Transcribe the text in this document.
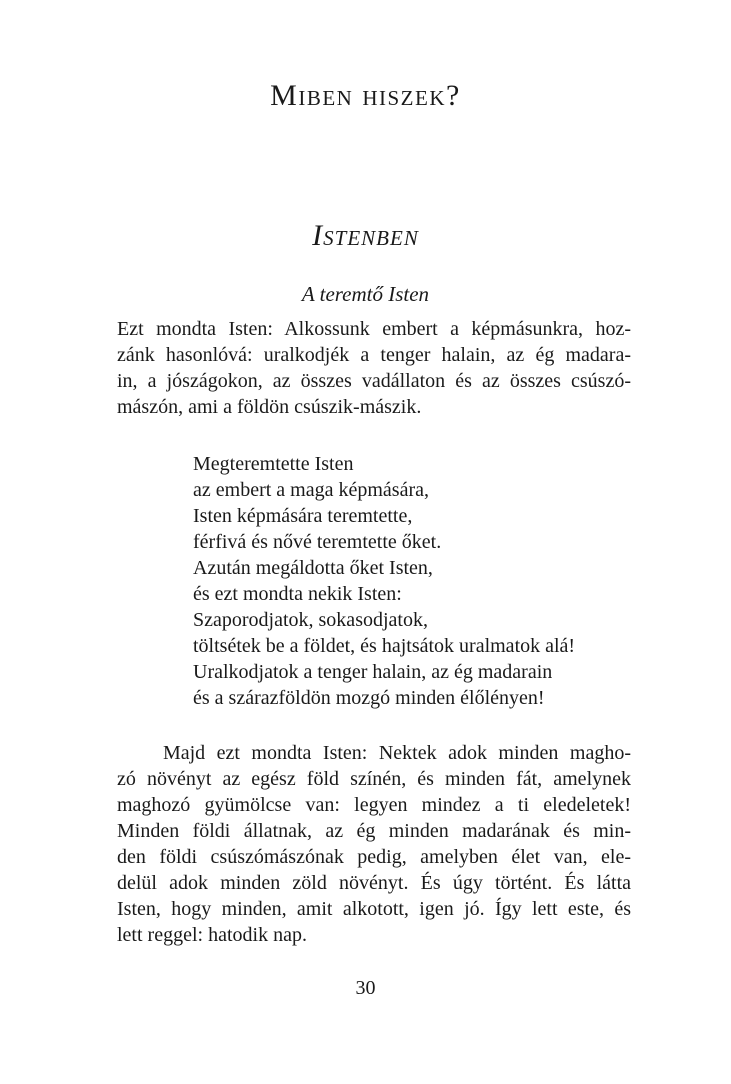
Miben hiszek?
Istenben
A teremtő Isten
Ezt mondta Isten: Alkossunk embert a képmásunkra, hoz-
zánk hasonlóvá: uralkodjék a tenger halain, az ég madara-
in, a jószágokon, az összes vadállaton és az összes csúszó-
mászón, ami a földön csúszik-mászik.
Megteremtette Isten
az embert a maga képmására,
Isten képmására teremtette,
férfivá és nővé teremtette őket.
Azután megáldotta őket Isten,
és ezt mondta nekik Isten:
Szaporodjatok, sokasodjatok,
töltsétek be a földet, és hajtsátok uralmatok alá!
Uralkodjatok a tenger halain, az ég madarain
és a szárazföldön mozgó minden élőlényen!
Majd ezt mondta Isten: Nektek adok minden maghο-
zó növényt az egész föld színén, és minden fát, amelynek
maghozó gyümölcse van: legyen mindez a ti eledeletek!
Minden földi állatnak, az ég minden madarának és min-
den földi csúszómászónak pedig, amelyben élet van, ele-
delül adok minden zöld növényt. És úgy történt. És látta
Isten, hogy minden, amit alkotott, igen jó. Így lett este, és
lett reggel: hatodik nap.
30
